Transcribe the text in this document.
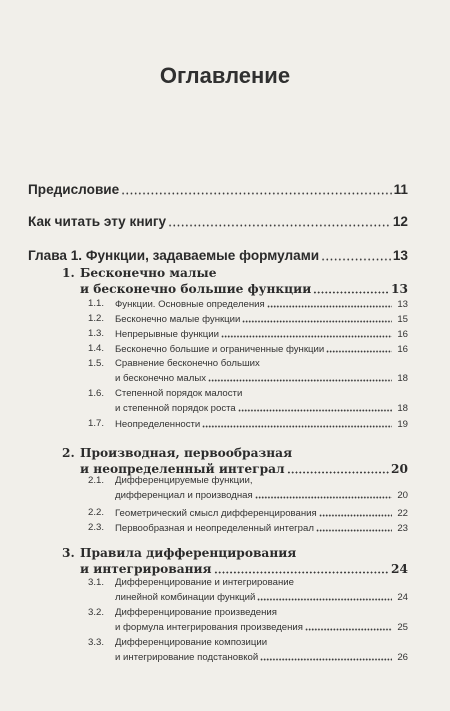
Оглавление
Предисловие	11
Как читать эту книгу	12
Глава 1. Функции, задаваемые формулами	13
1. Бесконечно малые
и бесконечно большие функции	13
1.1. Функции. Основные определения	13
1.2. Бесконечно малые функции	15
1.3. Непрерывные функции	16
1.4. Бесконечно большие и ограниченные функции	16
1.5. Сравнение бесконечно больших
и бесконечно малых	18
1.6. Степенной порядок малости
и степенной порядок роста	18
1.7. Неопределенности	19
2. Производная, первообразная
и неопределенный интеграл	20
2.1. Дифференцируемые функции,
дифференциал и производная	20
2.2. Геометрический смысл дифференцирования	22
2.3. Первообразная и неопределенный интеграл	23
3. Правила дифференцирования
и интегрирования	24
3.1. Дифференцирование и интегрирование
линейной комбинации функций	24
3.2. Дифференцирование произведения
и формула интегрирования произведения	25
3.3. Дифференцирование композиции
и интегрирование подстановкой	26
